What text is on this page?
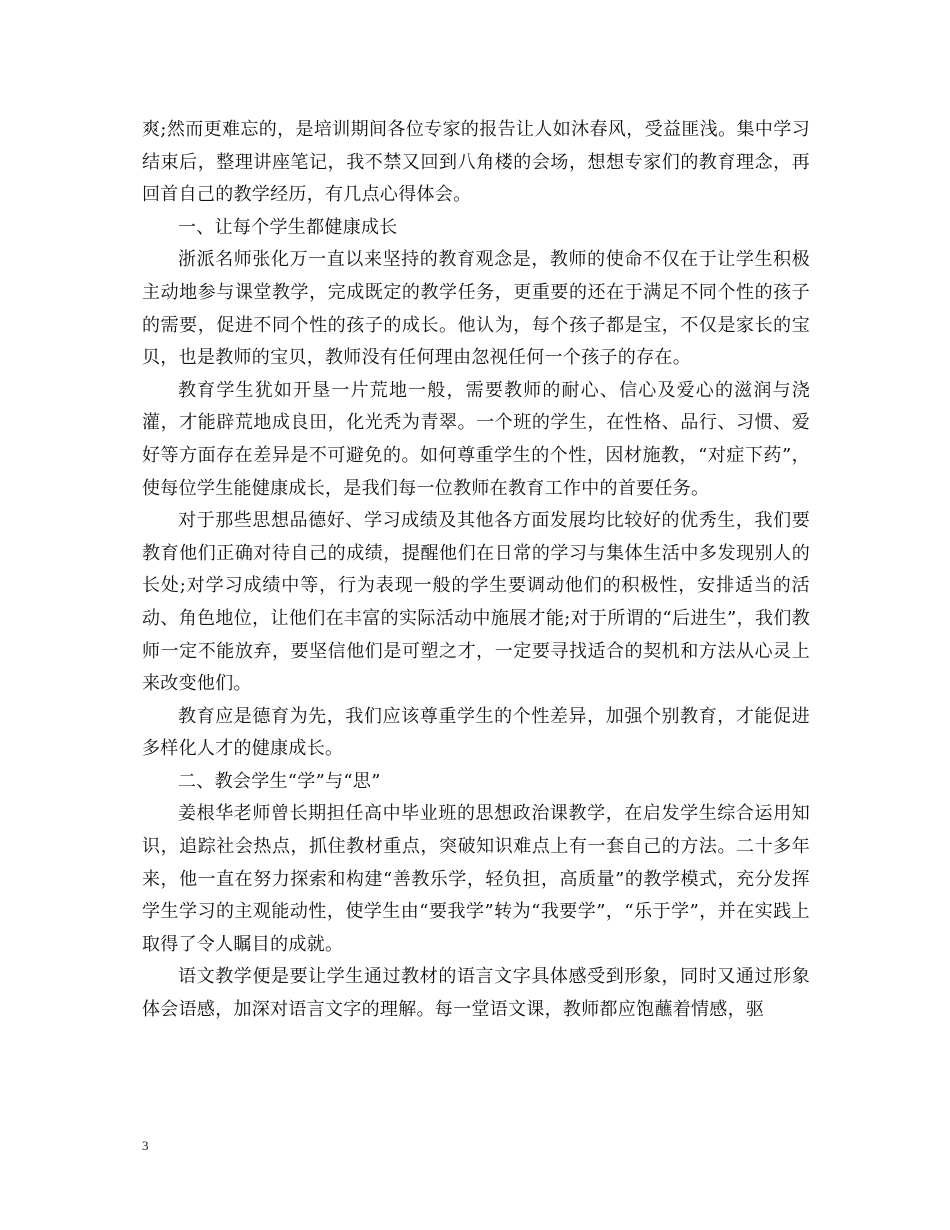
爽;然而更难忘的，是培训期间各位专家的报告让人如沐春风，受益匪浅。集中学习结束后，整理讲座笔记，我不禁又回到八角楼的会场，想想专家们的教育理念，再回首自己的教学经历，有几点心得体会。

一、让每个学生都健康成长

浙派名师张化万一直以来坚持的教育观念是，教师的使命不仅在于让学生积极主动地参与课堂教学，完成既定的教学任务，更重要的还在于满足不同个性的孩子的需要，促进不同个性的孩子的成长。他认为，每个孩子都是宝，不仅是家长的宝贝，也是教师的宝贝，教师没有任何理由忽视任何一个孩子的存在。

教育学生犹如开垦一片荒地一般，需要教师的耐心、信心及爱心的滋润与浇灌，才能辟荒地成良田，化光秃为青翠。一个班的学生，在性格、品行、习惯、爱好等方面存在差异是不可避免的。如何尊重学生的个性，因材施教，“对症下药”，使每位学生能健康成长，是我们每一位教师在教育工作中的首要任务。

对于那些思想品德好、学习成绩及其他各方面发展均比较好的优秀生，我们要教育他们正确对待自己的成绩，提醒他们在日常的学习与集体生活中多发现别人的长处;对学习成绩中等，行为表现一般的学生要调动他们的积极性，安排适当的活动、角色地位，让他们在丰富的实际活动中施展才能;对于所谓的“后进生”，我们教师一定不能放弃，要坚信他们是可塑之才，一定要寻找适合的契机和方法从心灵上来改变他们。

教育应是德育为先，我们应该尊重学生的个性差异，加强个别教育，才能促进多样化人才的健康成长。

二、教会学生“学”与“思”

姜根华老师曾长期担任高中毕业班的思想政治课教学，在启发学生综合运用知识，追踪社会热点，抓住教材重点，突破知识难点上有一套自己的方法。二十多年来，他一直在努力探索和构建“善教乐学，轻负担，高质量”的教学模式，充分发挥学生学习的主观能动性，使学生由“要我学”转为“我要学”，“乐于学”，并在实践上取得了令人瞩目的成就。

语文教学便是要让学生通过教材的语言文字具体感受到形象，同时又通过形象体会语感，加深对语言文字的理解。每一堂语文课，教师都应饱蘸着情感，驱

3
